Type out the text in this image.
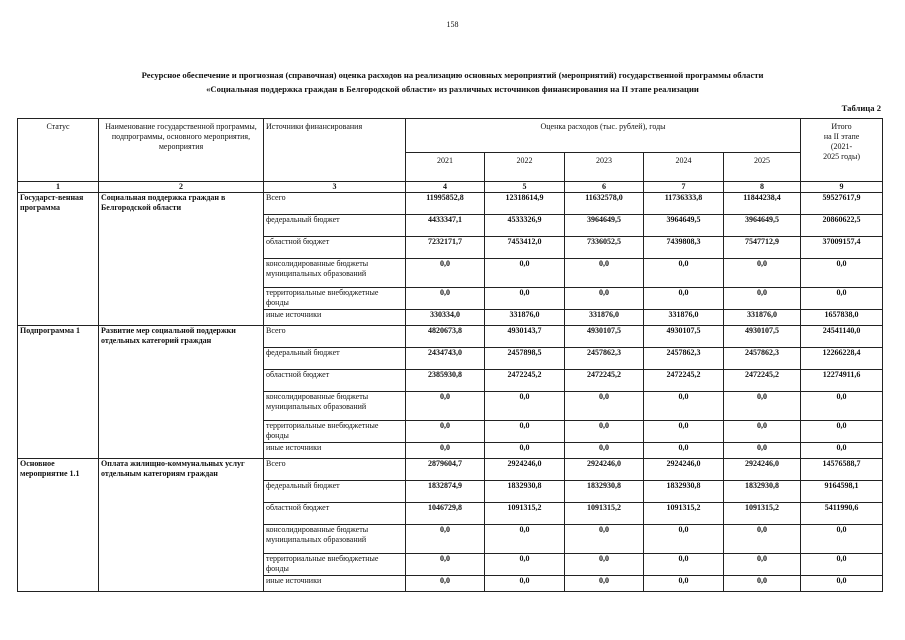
158
Ресурсное обеспечение и прогнозная (справочная) оценка расходов на реализацию основных мероприятий (мероприятий) государственной программы области
«Социальная поддержка граждан в Белгородской области» из различных источников финансирования на II этапе реализации
Таблица 2
Статус	Наименование государственной программы, подпрограммы, основного мероприятия, мероприятия	Источники финансирования	Оценка расходов (тыс. рублей), годы					Итого
на II этапе
(2021-
2025 годы)

			2021	2022	2023	2024	2025	
1	2	3	4	5	6	7	8	9
Государст-венная программа	Социальная поддержка граждан в Белгородской области	Всего	11995852,8	12318614,9	11632578,0	11736333,8	11844238,4	59527617,9
		федеральный бюджет	4433347,1	4533326,9	3964649,5	3964649,5	3964649,5	20860622,5
		областной бюджет	7232171,7	7453412,0	7336052,5	7439808,3	7547712,9	37009157,4
		консолидированные бюджеты муниципальных образований	0,0	0,0	0,0	0,0	0,0	0,0
		территориальные внебюджетные фонды	0,0	0,0	0,0	0,0	0,0	0,0
		иные источники	330334,0	331876,0	331876,0	331876,0	331876,0	1657838,0
Подпрограмма 1	Развитие мер социальной поддержки отдельных категорий граждан	Всего	4820673,8	4930143,7	4930107,5	4930107,5	4930107,5	24541140,0
		федеральный бюджет	2434743,0	2457898,5	2457862,3	2457862,3	2457862,3	12266228,4
		областной бюджет	2385930,8	2472245,2	2472245,2	2472245,2	2472245,2	12274911,6
		консолидированные бюджеты муниципальных образований	0,0	0,0	0,0	0,0	0,0	0,0
		территориальные внебюджетные фонды	0,0	0,0	0,0	0,0	0,0	0,0
		иные источники	0,0	0,0	0,0	0,0	0,0	0,0
Основное мероприятие 1.1	Оплата жилищно-коммунальных услуг отдельным категориям граждан	Всего	2879604,7	2924246,0	2924246,0	2924246,0	2924246,0	14576588,7
		федеральный бюджет	1832874,9	1832930,8	1832930,8	1832930,8	1832930,8	9164598,1
		областной бюджет	1046729,8	1091315,2	1091315,2	1091315,2	1091315,2	5411990,6
		консолидированные бюджеты муниципальных образований	0,0	0,0	0,0	0,0	0,0	0,0
		территориальные внебюджетные фонды	0,0	0,0	0,0	0,0	0,0	0,0
		иные источники	0,0	0,0	0,0	0,0	0,0	0,0
